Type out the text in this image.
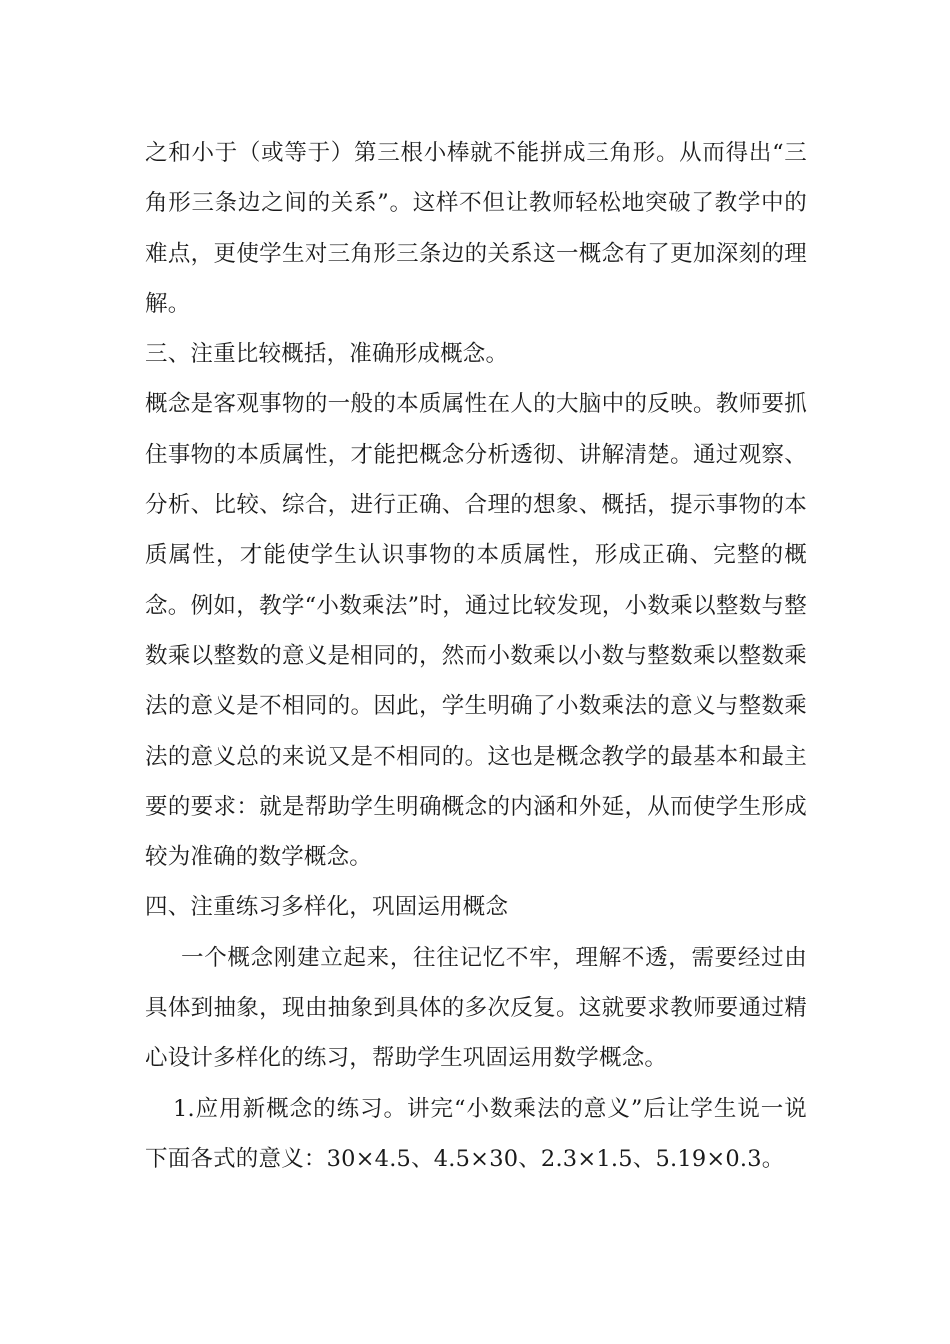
之和小于（或等于）第三根小棒就不能拼成三角形。从而得出“三角形三条边之间的关系”。这样不但让教师轻松地突破了教学中的难点，更使学生对三角形三条边的关系这一概念有了更加深刻的理解。

三、注重比较概括，准确形成概念。

概念是客观事物的一般的本质属性在人的大脑中的反映。教师要抓住事物的本质属性，才能把概念分析透彻、讲解清楚。通过观察、分析、比较、综合，进行正确、合理的想象、概括，提示事物的本质属性，才能使学生认识事物的本质属性，形成正确、完整的概念。例如，教学“小数乘法”时，通过比较发现，小数乘以整数与整数乘以整数的意义是相同的，然而小数乘以小数与整数乘以整数乘法的意义是不相同的。因此，学生明确了小数乘法的意义与整数乘法的意义总的来说又是不相同的。这也是概念教学的最基本和最主要的要求：就是帮助学生明确概念的内涵和外延，从而使学生形成较为准确的数学概念。

四、注重练习多样化，巩固运用概念

一个概念刚建立起来，往往记忆不牢，理解不透，需要经过由具体到抽象，现由抽象到具体的多次反复。这就要求教师要通过精心设计多样化的练习，帮助学生巩固运用数学概念。

1.应用新概念的练习。讲完“小数乘法的意义”后让学生说一说下面各式的意义：30×4.5、4.5×30、2.3×1.5、5.19×0.3。
